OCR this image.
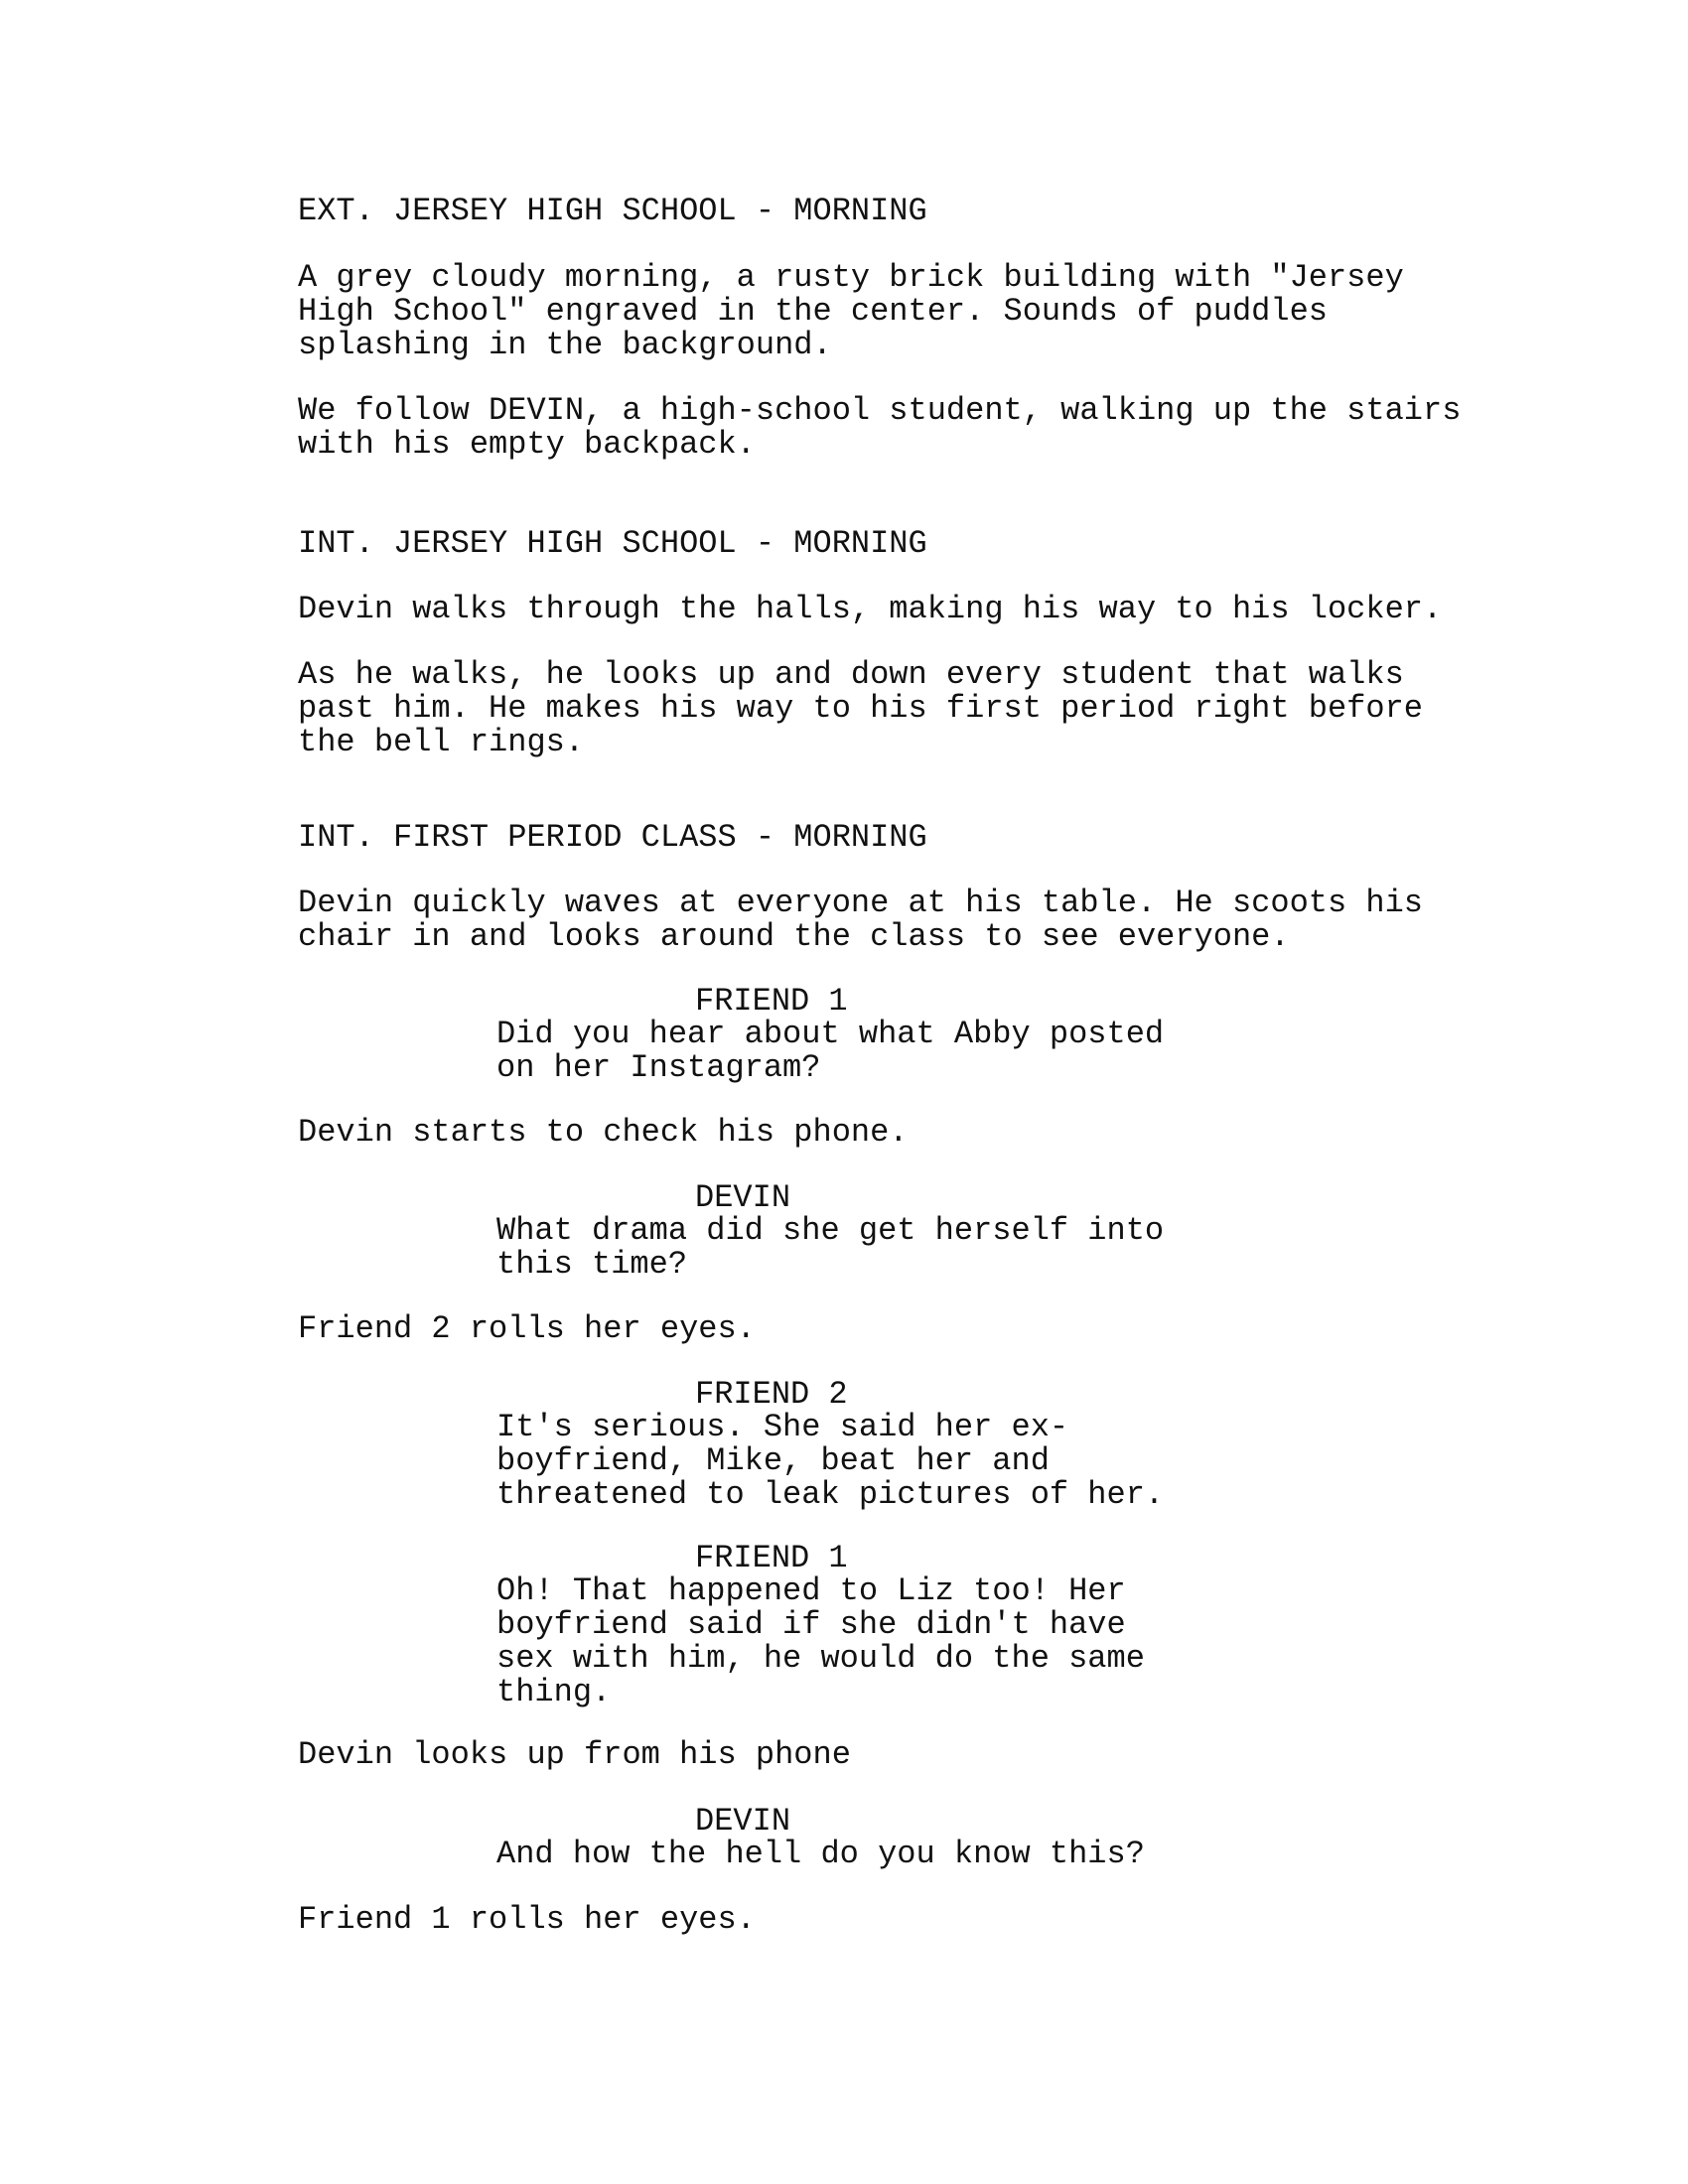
EXT. JERSEY HIGH SCHOOL - MORNING
A grey cloudy morning, a rusty brick building with "Jersey
High School" engraved in the center. Sounds of puddles
splashing in the background.
We follow DEVIN, a high-school student, walking up the stairs
with his empty backpack.
INT. JERSEY HIGH SCHOOL - MORNING
Devin walks through the halls, making his way to his locker.
As he walks, he looks up and down every student that walks
past him. He makes his way to his first period right before
the bell rings.
INT. FIRST PERIOD CLASS - MORNING
Devin quickly waves at everyone at his table. He scoots his
chair in and looks around the class to see everyone.
FRIEND 1
Did you hear about what Abby posted
on her Instagram?
Devin starts to check his phone.
DEVIN
What drama did she get herself into
this time?
Friend 2 rolls her eyes.
FRIEND 2
It's serious. She said her ex-
boyfriend, Mike, beat her and
threatened to leak pictures of her.
FRIEND 1
Oh! That happened to Liz too! Her
boyfriend said if she didn't have
sex with him, he would do the same
thing.
Devin looks up from his phone
DEVIN
And how the hell do you know this?
Friend 1 rolls her eyes.
